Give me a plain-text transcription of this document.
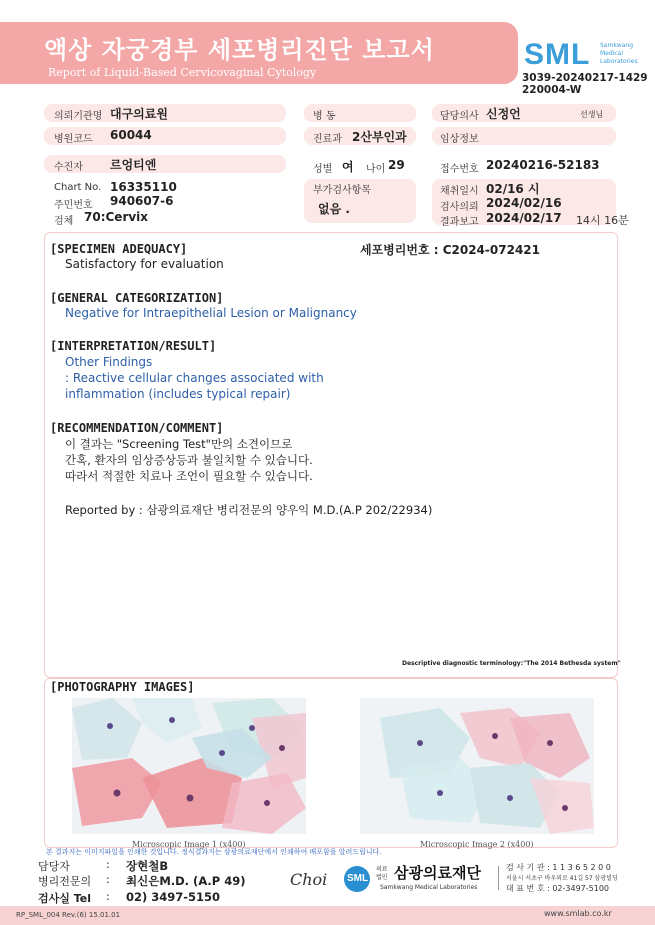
액상 자궁경부 세포병리진단 보고서
Report of Liquid-Based Cervicovaginal Cytology
SML Samkwang Medical Laboratories
3039-20240217-1429
220004-W
의뢰기관명 대구의료원	병 동	담당의사 신정언	선생님
병원코드 60044	진료과 2산부인과	임상정보
수진자 르엉티엔	성별 여 나이 29	접수번호 20240216-52183
Chart No. 16335110
주민번호 940607-6
검체 70:Cervix
부가검사항목
없음 .
채취일시 02/16 시
검사의뢰 2024/02/16
결과보고 2024/02/17 14시 16분
세포병리번호 : C2024-072421
[SPECIMEN ADEQUACY]
Satisfactory for evaluation
[GENERAL CATEGORIZATION]
Negative for Intraepithelial Lesion or Malignancy
[INTERPRETATION/RESULT]
Other Findings
: Reactive cellular changes associated with
inflammation (includes typical repair)
[RECOMMENDATION/COMMENT]
이 결과는 "Screening Test"만의 소견이므로
간혹, 환자의 임상증상등과 불일치할 수 있습니다.
따라서 적절한 치료나 조언이 필요할 수 있습니다.
Reported by : 삼광의료재단 병리전문의 양우익 M.D.(A.P 202/22934)
Descriptive diagnostic terminology:"The 2014 Bethesda system"
[PHOTOGRAPHY IMAGES]
Microscopic Image 1 (x400)	Microscopic Image 2 (x400)
본 결과지는 이미지파일을 인쇄한 것입니다. 정식결과지는 삼광의료재단에서 인쇄하여 배포함을 알려드립니다.
담당자	: 장현철B
병리전문의 : 최신은M.D. (A.P 49)
검사실 Tel : 02) 3497-5150
Choi SML
의료 법인 삼광의료재단
Samkwang Medical Laboratories
검 사 기 관 : 1 1 3 6 5 2 0 0
서울시 서초구 바우뫼로 41길 57 삼광빌딩
대 표 번 호 : 02-3497-5100
RP_SML_004 Rev.(6) 15.01.01	www.smlab.co.kr
